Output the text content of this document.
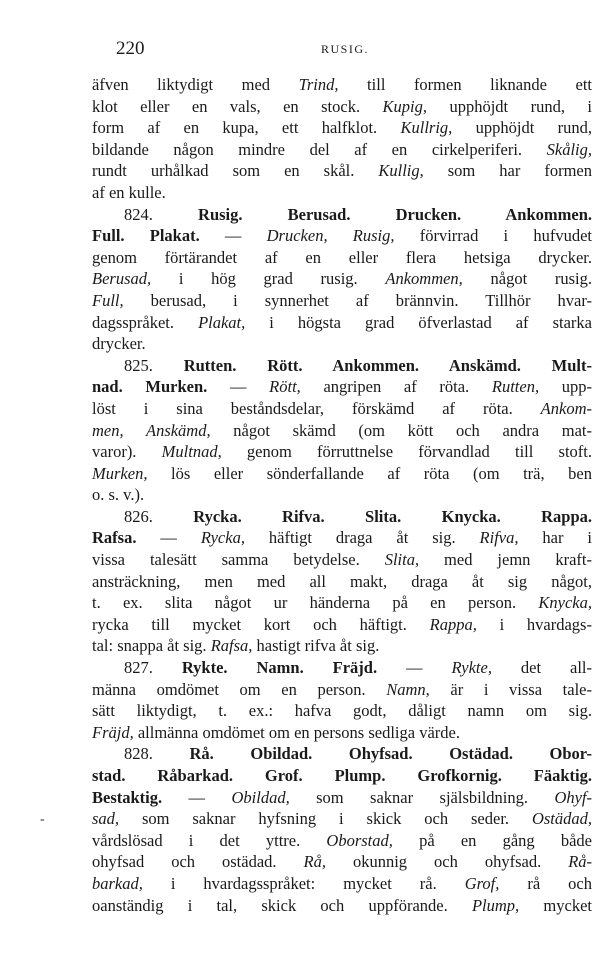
220	RUSIG.
äfven liktydigt med Trind, till formen liknande ett
klot eller en vals, en stock. Kupig, upphöjdt rund, i
form af en kupa, ett halfklot. Kullrig, upphöjdt rund,
bildande någon mindre del af en cirkelperiferi. Skålig,
rundt urhålkad som en skål. Kullig, som har formen
af en kulle.
824. Rusig. Berusad. Drucken. Ankommen.
Full. Plakat. — Drucken, Rusig, förvirrad i hufvudet
genom förtärandet af en eller flera hetsiga drycker.
Berusad, i hög grad rusig. Ankommen, något rusig.
Full, berusad, i synnerhet af brännvin. Tillhör hvar-
dagsspråket. Plakat, i högsta grad öfverlastad af starka
drycker.
825. Rutten. Rött. Ankommen. Anskämd. Mult-
nad. Murken. — Rött, angripen af röta. Rutten, upp-
löst i sina beståndsdelar, förskämd af röta. Ankom-
men, Anskämd, något skämd (om kött och andra mat-
varor). Multnad, genom förruttnelse förvandlad till stoft.
Murken, lös eller sönderfallande af röta (om trä, ben
o. s. v.).
826. Rycka. Rifva. Slita. Knycka. Rappa.
Rafsa. — Rycka, häftigt draga åt sig. Rifva, har i
vissa talesätt samma betydelse. Slita, med jemn kraft-
ansträckning, men med all makt, draga åt sig något,
t. ex. slita något ur händerna på en person. Knycka,
rycka till mycket kort och häftigt. Rappa, i hvardags-
tal: snappa åt sig. Rafsa, hastigt rifva åt sig.
827. Rykte. Namn. Fräjd. — Rykte, det all-
männa omdömet om en person. Namn, är i vissa tale-
sätt liktydigt, t. ex.: hafva godt, dåligt namn om sig.
Fräjd, allmänna omdömet om en persons sedliga värde.
828. Rå. Obildad. Ohyfsad. Ostädad. Obor-
stad. Råbarkad. Grof. Plump. Grofkornig. Fäaktig.
Bestaktig. — Obildad, som saknar själsbildning. Ohyf-
sad, som saknar hyfsning i skick och seder. Ostädad,
vårdslösad i det yttre. Oborstad, på en gång både
ohyfsad och ostädad. Rå, okunnig och ohyfsad. Rå-
barkad, i hvardagsspråket: mycket rå. Grof, rå och
oanständig i tal, skick och uppförande. Plump, mycket
-
